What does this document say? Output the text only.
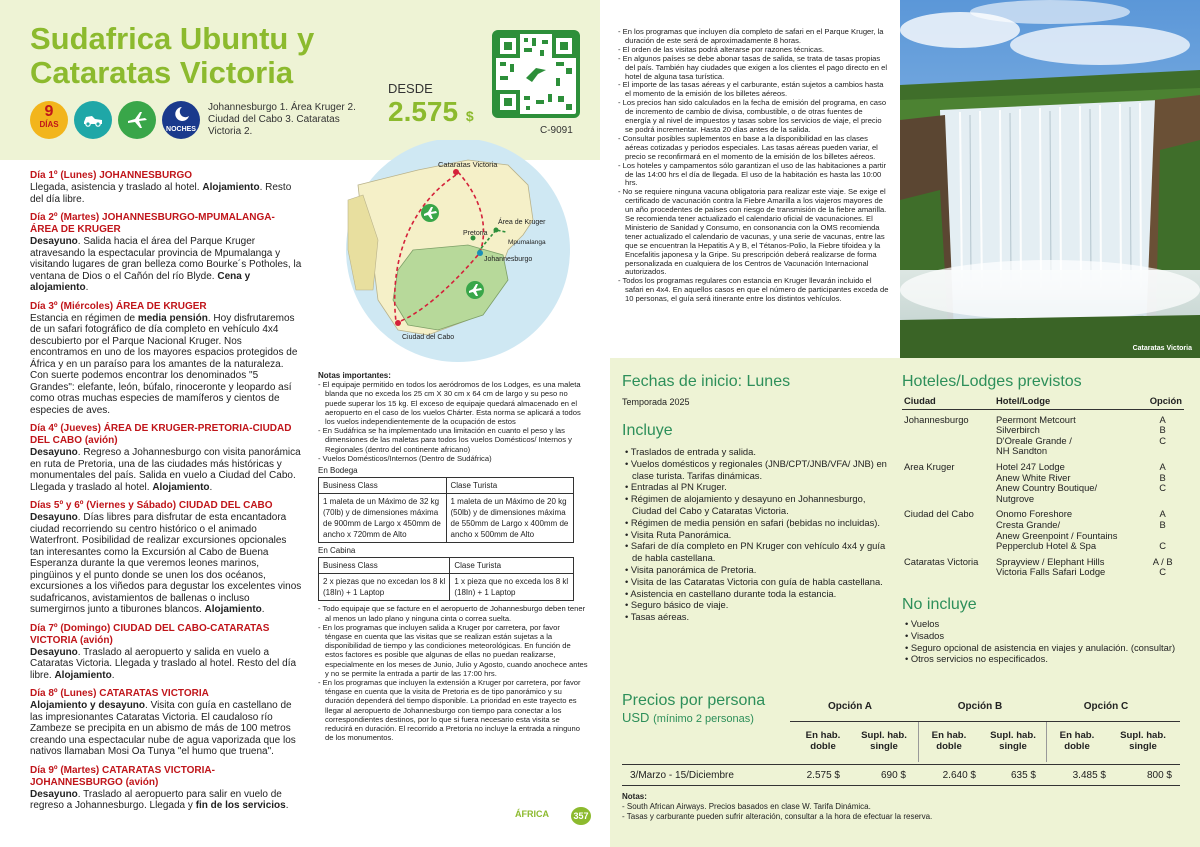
Sudafrica Ubuntu y Cataratas Victoria
9
DÍAS
NOCHES
Johannesburgo 1. Área Kruger 2. Ciudad del Cabo 3. Cataratas Victoria 2.
DESDE
2.575 $
C-9091
Cataratas Victoria
Área de Kruger
Pretoria
Mpumalanga
Johannesburgo
Ciudad del Cabo
Día 1º (Lunes) JOHANNESBURGO
Llegada, asistencia y traslado al hotel. Alojamiento. Resto del día libre.
Día 2º (Martes) JOHANNESBURGO-MPUMALANGA-ÁREA DE KRUGER
Desayuno. Salida hacia el área del Parque Kruger atravesando la espectacular provincia de Mpumalanga y visitando lugares de gran belleza como Bourke´s Potholes, la ventana de Dios o el Cañón del río Blyde. Cena y alojamiento.
Día 3º (Miércoles) ÁREA DE KRUGER
Estancia en régimen de media pensión. Hoy disfrutaremos de un safari fotográfico de día completo en vehículo 4x4 descubierto por el Parque Nacional Kruger. Nos encontramos en uno de los mayores espacios protegidos de África y en un paraíso para los amantes de la naturaleza. Con suerte podemos encontrar los denominados "5 Grandes": elefante, león, búfalo, rinoceronte y leopardo así como otras muchas especies de mamíferos y cientos de especies de aves.
Día 4º (Jueves) ÁREA DE KRUGER-PRETORIA-CIUDAD DEL CABO (avión)
Desayuno. Regreso a Johannesburgo con visita panorámica en ruta de Pretoria, una de las ciudades más históricas y monumentales del país. Salida en vuelo a Ciudad del Cabo. Llegada y traslado al hotel. Alojamiento.
Días 5º y 6º (Viernes y Sábado) CIUDAD DEL CABO
Desayuno. Días libres para disfrutar de esta encantadora ciudad recorriendo su centro histórico o el animado Waterfront. Posibilidad de realizar excursiones opcionales tan interesantes como la Excursión al Cabo de Buena Esperanza durante la que veremos leones marinos, pingüinos y el punto donde se unen los dos océanos, excursiones a los viñedos para degustar los excelentes vinos sudafricanos, avistamientos de ballenas o incluso sumergirnos junto a tiburones blancos. Alojamiento.
Día 7º (Domingo) CIUDAD DEL CABO-CATARATAS VICTORIA (avión)
Desayuno. Traslado al aeropuerto y salida en vuelo a Cataratas Victoria. Llegada y traslado al hotel. Resto del día libre. Alojamiento.
Día 8º (Lunes) CATARATAS VICTORIA
Alojamiento y desayuno. Visita con guía en castellano de las impresionantes Cataratas Victoria. El caudaloso río Zambeze se precipita en un abismo de más de 100 metros creando una espectacular nube de agua vaporizada que los nativos llamaban Mosi Oa Tunya "el humo que truena".
Día 9º (Martes) CATARATAS VICTORIA-JOHANNESBURGO (avión)
Desayuno. Traslado al aeropuerto para salir en vuelo de regreso a Johannesburgo. Llegada y fin de los servicios.
Notas importantes:
- El equipaje permitido en todos los aeródromos de los Lodges, es una maleta blanda que no exceda los 25 cm X 30 cm x 64 cm de largo y su peso no puede superar los 15 kg. El exceso de equipaje quedará almacenado en el aeropuerto en el caso de los vuelos Chárter. Esta norma se aplicará a todos los vuelos independientemente de la ocupación de estos
- En Sudáfrica se ha implementado una limitación en cuanto el peso y las dimensiones de las maletas para todos los vuelos Domésticos/ Internos y Regionales (dentro del continente africano)
- Vuelos Domésticos/Internos (Dentro de Sudáfrica)
En Bodega
Business Class	Clase Turista
1 maleta de un Máximo de 32 kg (70lb) y de dimensiones máxima de 900mm de Largo x 450mm de ancho x 720mm de Alto	1 maleta de un Máximo de 20 kg (50lb) y de dimensiones máxima de 550mm de Largo x 400mm de ancho x 500mm de Alto
En Cabina
Business Class	Clase Turista
2 x piezas que no excedan los 8 kl (18In) + 1 Laptop	1 x pieza que no exceda los 8 kl (18In) + 1 Laptop
- Todo equipaje que se facture en el aeropuerto de Johannesburgo deben tener al menos un lado plano y ninguna cinta o correa suelta.
- En los programas que incluyen salida a Kruger por carretera, por favor téngase en cuenta que las visitas que se realizan están sujetas a la disponibilidad de tiempo y las condiciones meteorológicas. En función de estos factores es posible que algunas de ellas no puedan realizarse, especialmente en los meses de Junio, Julio y Agosto, cuando anochece antes y no se permite la entrada a partir de las 17:00 hrs.
- En los programas que incluyen la extensión a Kruger por carretera, por favor téngase en cuenta que la visita de Pretoria es de tipo panorámico y su duración dependerá del tiempo disponible. La prioridad en este trayecto es llegar al aeropuerto de Johannesburgo con tiempo para conectar a los correspondientes destinos, por lo que si fuera necesario esta visita se reducirá en duración. El recorrido a Pretoria no incluye la entrada a ninguno de los monumentos.
ÁFRICA	357
- En los programas que incluyen día completo de safari en el Parque Kruger, la duración de este será de aproximadamente 8 horas.
- El orden de las visitas podrá alterarse por razones técnicas.
- En algunos países se debe abonar tasas de salida, se trata de tasas propias del país. También hay ciudades que exigen a los clientes el pago directo en el hotel de alguna tasa turística.
- El importe de las tasas aéreas y el carburante, están sujetos a cambios hasta el momento de la emisión de los billetes aéreos.
- Los precios han sido calculados en la fecha de emisión del programa, en caso de incremento de cambio de divisa, combustible, o de otras fuentes de energía y al nivel de impuestos y tasas sobre los servicios de viaje, el precio se podrá incrementar. Hasta 20 días antes de la salida.
- Consultar posibles suplementos en base a la disponibilidad en las clases aéreas cotizadas y periodos especiales. Las tasas aéreas pueden variar, el precio se reconfirmará en el momento de la emisión de los billetes aéreos.
- Los hoteles y campamentos sólo garantizan el uso de las habitaciones a partir de las 14:00 hrs el día de llegada. El uso de la habitación es hasta las 10:00 hrs.
- No se requiere ninguna vacuna obligatoria para realizar este viaje. Se exige el certificado de vacunación contra la Fiebre Amarilla a los viajeros mayores de un año procedentes de países con riesgo de transmisión de la fiebre amarilla. Se recomienda tener actualizado el calendario oficial de vacunaciones. El Ministerio de Sanidad y Consumo, en consonancia con la OMS recomienda tener actualizado el calendario de vacunas, y una serie de vacunas, entre las que se encuentran la Hepatitis A y B, el Tétanos-Polio, la Fiebre tifoidea y la Encefalitis japonesa y la Gripe. Su prescripción deberá realizarse de forma personalizada en cualquiera de los Centros de Vacunación Internacional autorizados.
- Todos los programas regulares con estancia en Kruger llevarán incluido el safari en 4x4. En aquellos casos en que el número de participantes exceda de 10 personas, el guía será itinerante entre los distintos vehículos.
Cataratas Victoria
Fechas de inicio: Lunes
Temporada 2025
Incluye
• Traslados de entrada y salida.
• Vuelos domésticos y regionales (JNB/CPT/JNB/VFA/ JNB) en clase turista. Tarifas dinámicas.
• Entradas al PN Kruger.
• Régimen de alojamiento y desayuno en Johannesburgo, Ciudad del Cabo y Cataratas Victoria.
• Régimen de media pensión en safari (bebidas no incluidas).
• Visita Ruta Panorámica.
• Safari de día completo en PN Kruger con vehículo 4x4 y guía de habla castellana.
• Visita panorámica de Pretoria.
• Visita de las Cataratas Victoria con guía de habla castellana.
• Asistencia en castellano durante toda la estancia.
• Seguro básico de viaje.
• Tasas aéreas.
Hoteles/Lodges previstos
Ciudad	Hotel/Lodge	Opción
Johannesburgo	Peermont Metcourt	A
	Silverbirch	B
	D'Oreale Grande /	C
	NH Sandton	
Area Kruger	Hotel 247 Lodge	A
	Anew White River	B
	Anew Country Boutique/	C
	Nutgrove	
Ciudad del Cabo	Onomo Foreshore	A
	Cresta Grande/	B
	Anew Greenpoint / Fountains	
	Pepperclub Hotel & Spa	C
Cataratas Victoria	Sprayview / Elephant Hills	A / B
	Victoria Falls Safari Lodge	C
No incluye
• Vuelos
• Visados
• Seguro opcional de asistencia en viajes y anulación. (consultar)
• Otros servicios no especificados.
Precios por persona
USD (mínimo 2 personas)
Opción A	Opción B	Opción C
En hab. doble
Supl. hab. single
En hab. doble
Supl. hab. single
En hab. doble
Supl. hab. single
3/Marzo - 15/Diciembre	2.575 $	690 $	2.640 $	635 $	3.485 $	800 $
Notas:
- South African Airways. Precios basados en clase W. Tarifa Dinámica.
- Tasas y carburante pueden sufrir alteración, consultar a la hora de efectuar la reserva.
